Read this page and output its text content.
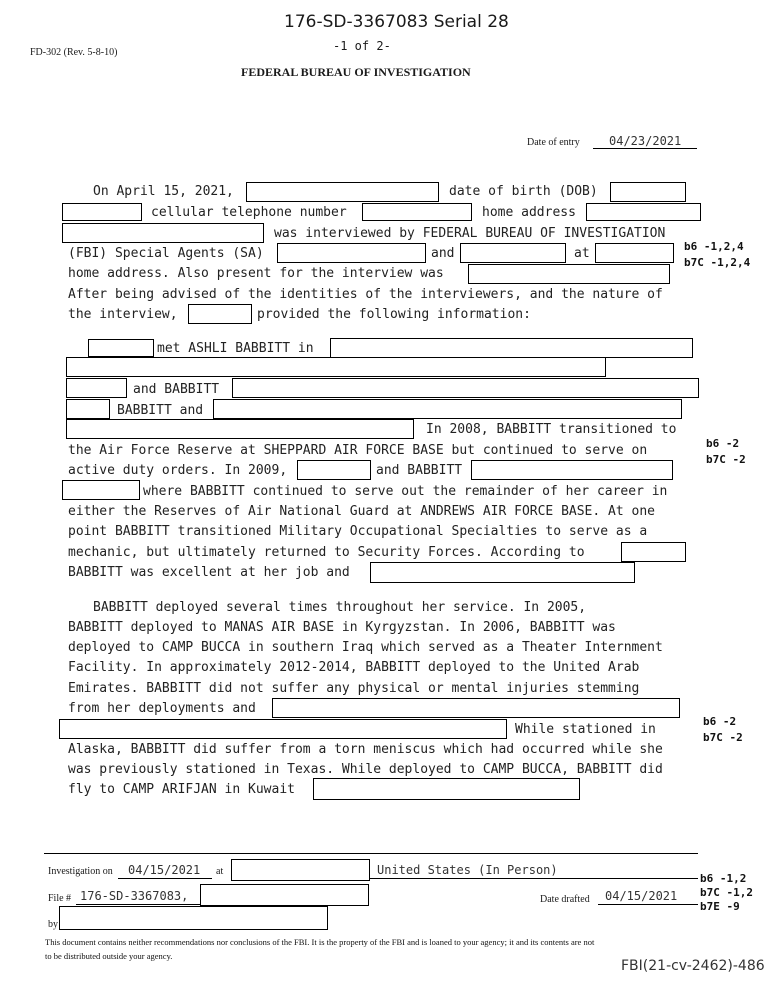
176-SD-3367083 Serial 28
-1 of 2-
FD-302 (Rev. 5-8-10)
FEDERAL BUREAU OF INVESTIGATION
Date of entry 04/23/2021
On April 15, 2021,	date of birth (DOB)
cellular telephone number	home address
was interviewed by FEDERAL BUREAU OF INVESTIGATION
(FBI) Special Agents (SA)	and	at
home address. Also present for the interview was
After being advised of the identities of the interviewers, and the nature of
the interview,	provided the following information:
b6 -1,2,4
b7C -1,2,4
met ASHLI BABBITT in
and BABBITT
BABBITT and
In 2008, BABBITT transitioned to
the Air Force Reserve at SHEPPARD AIR FORCE BASE but continued to serve on
active duty orders. In 2009,	and BABBITT
where BABBITT continued to serve out the remainder of her career in
either the Reserves of Air National Guard at ANDREWS AIR FORCE BASE. At one
point BABBITT transitioned Military Occupational Specialties to serve as a
mechanic, but ultimately returned to Security Forces. According to
BABBITT was excellent at her job and
b6 -2
b7C -2
BABBITT deployed several times throughout her service. In 2005,
BABBITT deployed to MANAS AIR BASE in Kyrgyzstan. In 2006, BABBITT was
deployed to CAMP BUCCA in southern Iraq which served as a Theater Internment
Facility. In approximately 2012-2014, BABBITT deployed to the United Arab
Emirates. BABBITT did not suffer any physical or mental injuries stemming
from her deployments and
While stationed in
Alaska, BABBITT did suffer from a torn meniscus which had occurred while she
was previously stationed in Texas. While deployed to CAMP BUCCA, BABBITT did
fly to CAMP ARIFJAN in Kuwait
b6 -2
b7C -2
Investigation on 04/15/2021 at	United States (In Person)
File # 176-SD-3367083,	Date drafted 04/15/2021
by
b6 -1,2
b7C -1,2
b7E -9
This document contains neither recommendations nor conclusions of the FBI. It is the property of the FBI and is loaned to your agency; it and its contents are not
to be distributed outside your agency.
FBI(21-cv-2462)-486
